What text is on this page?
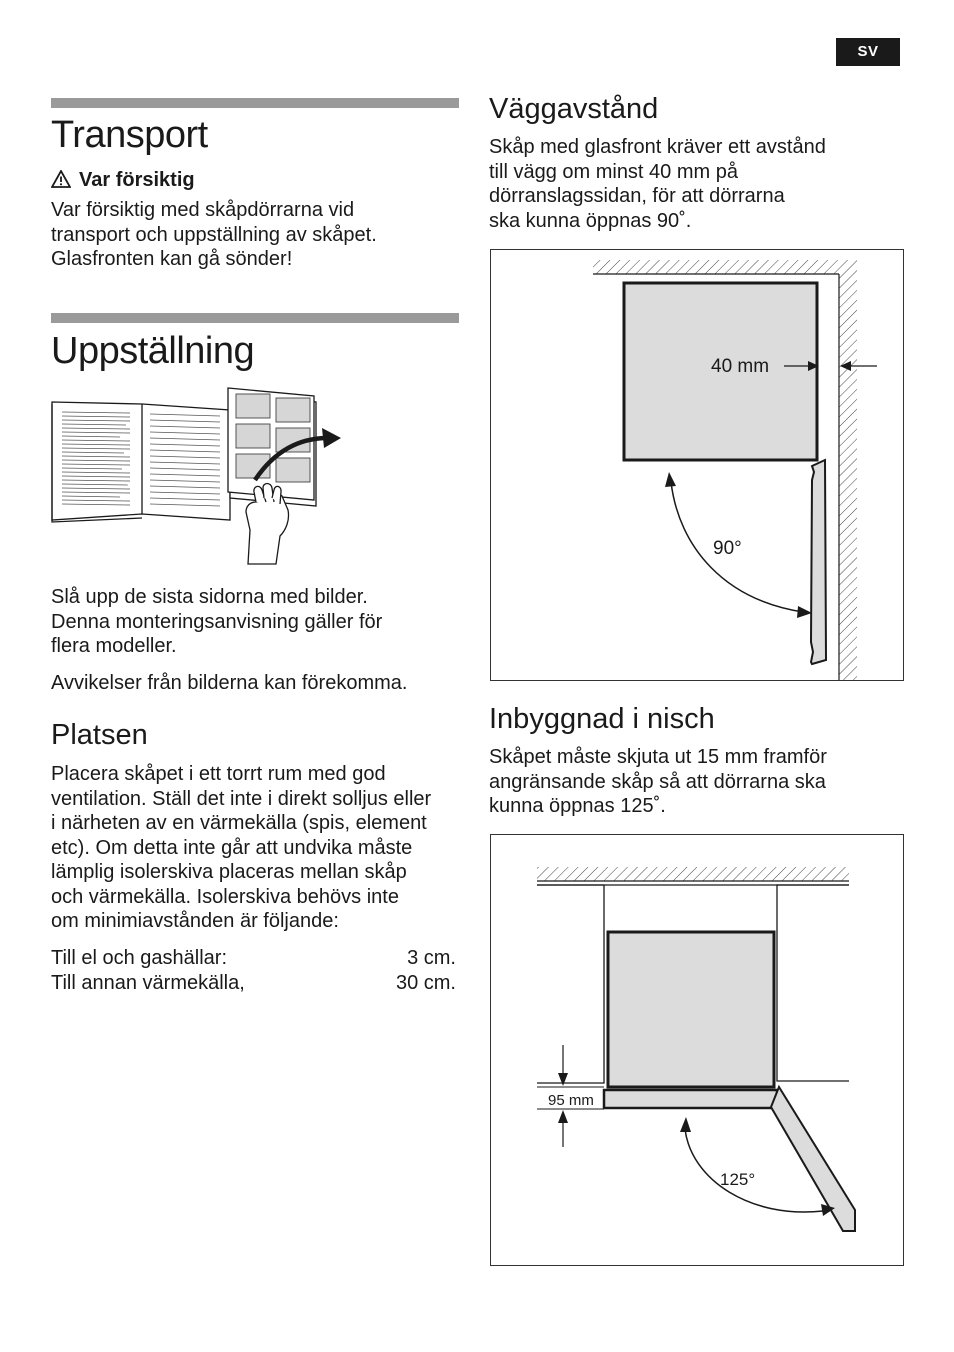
SV
Transport
Var försiktig

Var försiktig med skåpdörrarna vid

transport och uppställning av skåpet.

Glasfronten kan gå sönder!

Uppställning

Slå upp de sista sidorna med bilder.

Denna monteringsanvisning gäller för

flera modeller.

Avvikelser från bilderna kan förekomma.

Platsen

Placera skåpet i ett torrt rum med god

ventilation. Ställ det inte i direkt solljus eller

i närheten av en värmekälla (spis, element

etc). Om detta inte går att undvika måste

lämplig isolerskiva placeras mellan skåp

och värmekälla. Isolerskiva behövs inte

om minimiavstånden är följande:

Till el och gashällar:	3 cm.
Till annan värmekälla,	30 cm.
Väggavstånd

Skåp med glasfront kräver ett avstånd

till vägg om minst 40 mm på

dörranslagssidan, för att dörrarna

ska kunna öppnas 90˚.

40 mm
90°
Inbyggnad i nisch

Skåpet måste skjuta ut 15 mm framför

angränsande skåp så att dörrarna ska

kunna öppnas 125˚.

95 mm
125°
